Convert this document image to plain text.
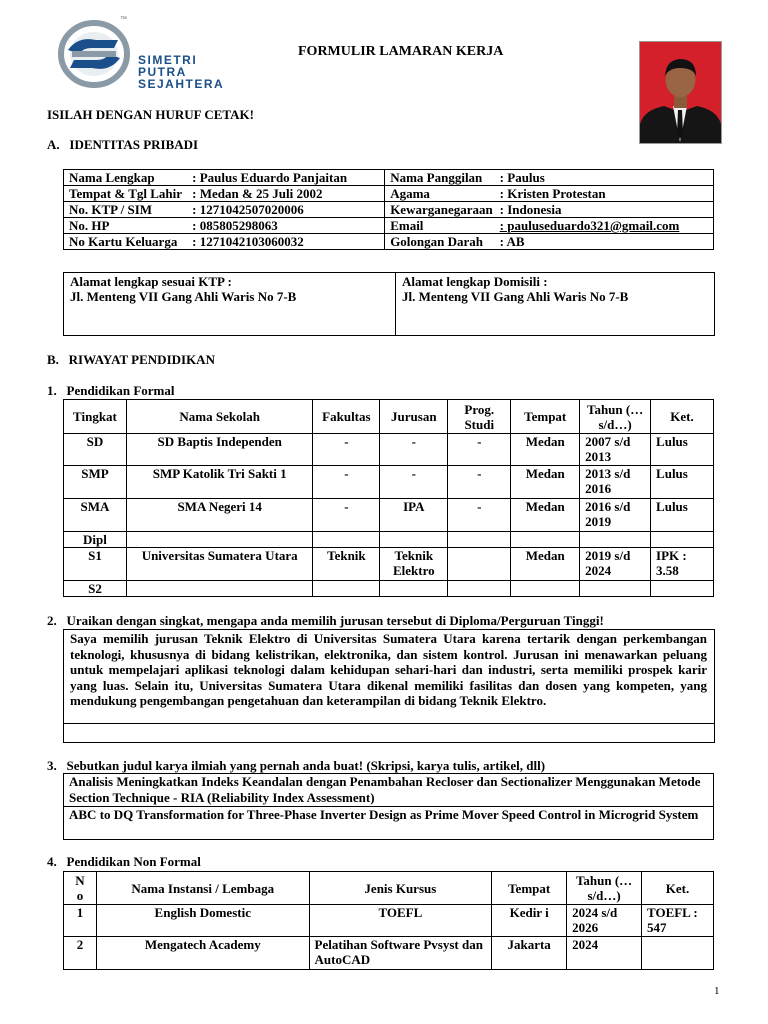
™
SIMETRI
PUTRA
SEJAHTERA
FORMULIR LAMARAN KERJA
ISILAH DENGAN HURUF CETAK!
A.   IDENTITAS PRIBADI
Nama Lengkap	: Paulus Eduardo Panjaitan	Nama Panggilan	: Paulus
Tempat & Tgl Lahir	: Medan & 25 Juli 2002	Agama	: Kristen Protestan
No. KTP / SIM	: 1271042507020006	Kewarganegaraan	: Indonesia
No. HP	: 085805298063	Email	: pauluseduardo321@gmail.com
No Kartu Keluarga	: 1271042103060032	Golongan Darah	: AB
Alamat lengkap sesuai KTP :
Jl. Menteng VII Gang Ahli Waris No 7-B
Alamat lengkap Domisili :
Jl. Menteng VII Gang Ahli Waris No 7-B
B.   RIWAYAT PENDIDIKAN
1.   Pendidikan Formal
Tingkat	Nama Sekolah	Fakultas	Jurusan	Prog. Studi	Tempat	Tahun (…s/d…)	Ket.
SD	SD Baptis Independen	-	-	-	Medan	2007 s/d 2013	Lulus
SMP	SMP Katolik Tri Sakti 1	-	-	-	Medan	2013 s/d 2016	Lulus
SMA	SMA Negeri 14	-	IPA	-	Medan	2016 s/d 2019	Lulus
Dipl							
S1	Universitas Sumatera Utara	Teknik	Teknik Elektro		Medan	2019 s/d 2024	IPK : 3.58
S2							
2.   Uraikan dengan singkat, mengapa anda memilih jurusan tersebut di Diploma/Perguruan Tinggi!
Saya memilih jurusan Teknik Elektro di Universitas Sumatera Utara karena tertarik dengan perkembangan teknologi, khususnya di bidang kelistrikan, elektronika, dan sistem kontrol. Jurusan ini menawarkan peluang untuk mempelajari aplikasi teknologi dalam kehidupan sehari-hari dan industri, serta memiliki prospek karir yang luas. Selain itu, Universitas Sumatera Utara dikenal memiliki fasilitas dan dosen yang kompeten, yang mendukung pengembangan pengetahuan dan keterampilan di bidang Teknik Elektro.
3.   Sebutkan judul karya ilmiah yang pernah anda buat! (Skripsi, karya tulis, artikel, dll)
Analisis Meningkatkan Indeks Keandalan dengan Penambahan Recloser dan Sectionalizer Menggunakan Metode Section Technique - RIA (Reliability Index Assessment)
ABC to DQ Transformation for Three-Phase Inverter Design as Prime Mover Speed Control in Microgrid System
4.   Pendidikan Non Formal
No	Nama Instansi / Lembaga	Jenis Kursus	Tempat	Tahun (…s/d…)	Ket.
1	English Domestic	TOEFL	Kedir i	2024 s/d 2026	TOEFL : 547
2	Mengatech Academy	Pelatihan Software Pvsyst dan AutoCAD	Jakarta	2024	
1
